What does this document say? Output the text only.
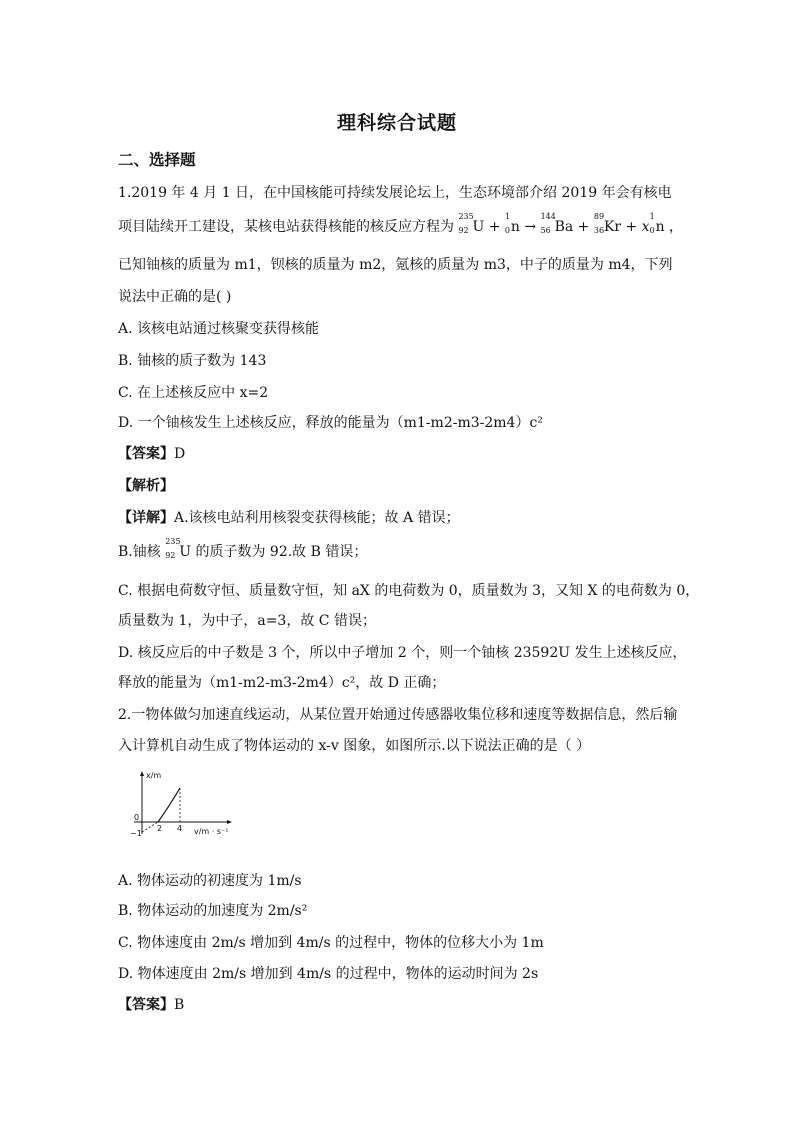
理科综合试题
二、选择题
1.2019 年 4 月 1 日，在中国核能可持续发展论坛上，生态环境部介绍 2019 年会有核电
项目陆续开工建设，某核电站获得核能的核反应方程为
235
92 U +
1
0 n →
144
56 Ba +
89
36 Kr + x
1
0 n ，
已知铀核的质量为 m1，钡核的质量为 m2，氪核的质量为 m3，中子的质量为 m4，下列
说法中正确的是( )
A. 该核电站通过核聚变获得核能
B. 铀核的质子数为 143
C. 在上述核反应中 x=2
D. 一个铀核发生上述核反应，释放的能量为（m1-m2-m3-2m4）c²
【答案】D
【解析】
【详解】A.该核电站利用核裂变获得核能；故 A 错误；
B.铀核
235
92 U 的质子数为 92.故 B 错误；
C. 根据电荷数守恒、质量数守恒，知 aX 的电荷数为 0，质量数为 3，又知 X 的电荷数为 0，
质量数为 1，为中子，a=3，故 C 错误；
D. 核反应后的中子数是 3 个，所以中子增加 2 个，则一个铀核 23592U 发生上述核反应，
释放的能量为（m1-m2-m3-2m4）c²，故 D 正确；
2.一物体做匀加速直线运动，从某位置开始通过传感器收集位移和速度等数据信息，然后输
入计算机自动生成了物体运动的 x-v 图象，如图所示.以下说法正确的是（ ）
x/m
v/m · s⁻¹
0
−1
2 4
A. 物体运动的初速度为 1m/s
B. 物体运动的加速度为 2m/s²
C. 物体速度由 2m/s 增加到 4m/s 的过程中，物体的位移大小为 1m
D. 物体速度由 2m/s 增加到 4m/s 的过程中，物体的运动时间为 2s
【答案】B
